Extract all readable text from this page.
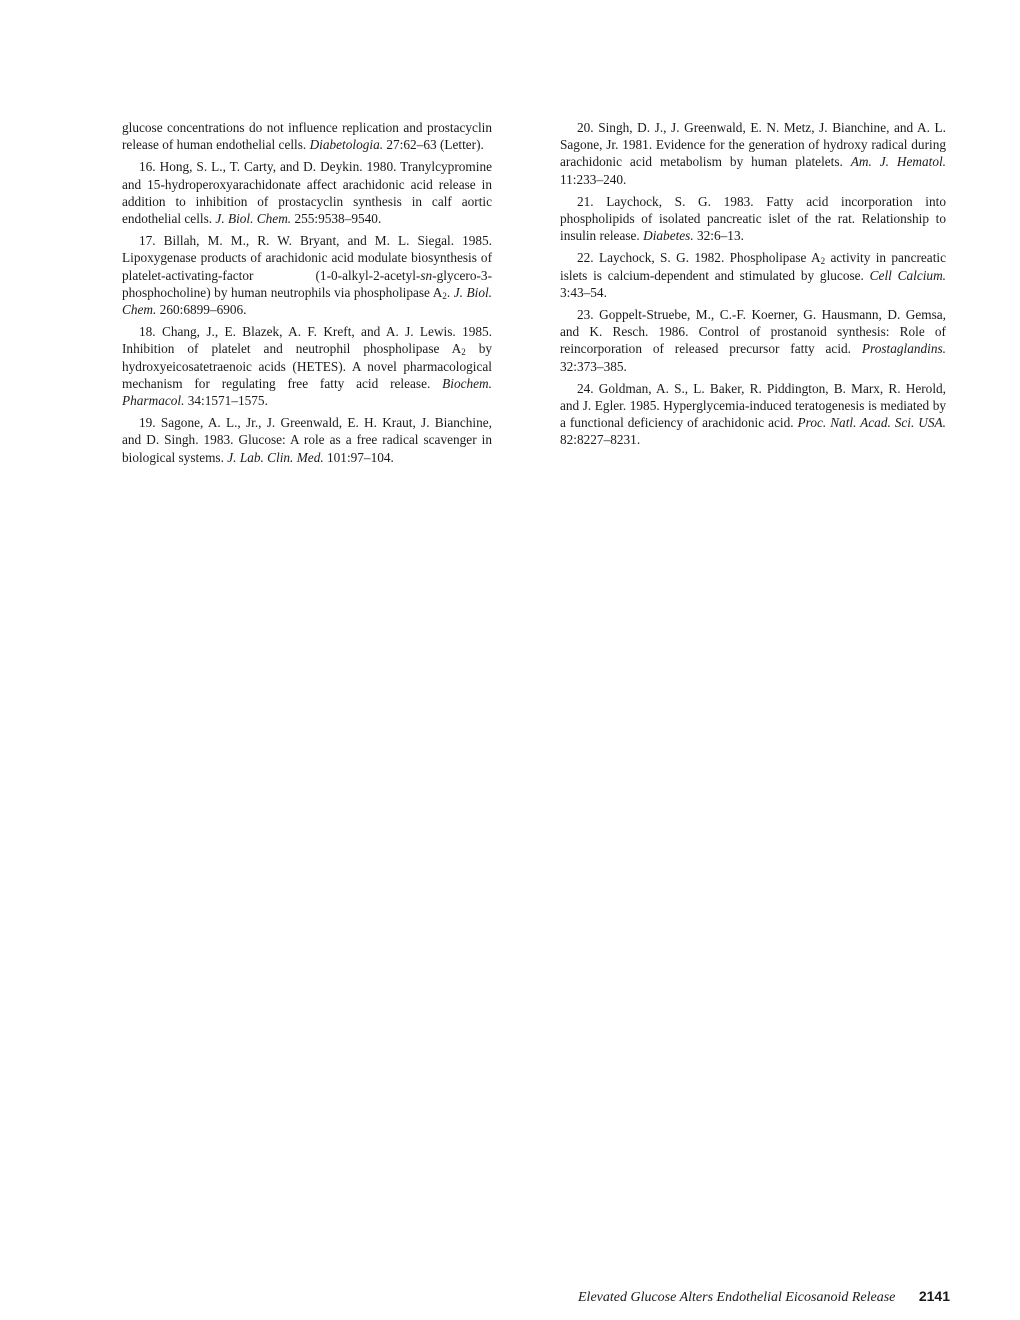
glucose concentrations do not influence replication and prostacyclin release of human endothelial cells. Diabetologia. 27:62–63 (Letter).

16. Hong, S. L., T. Carty, and D. Deykin. 1980. Tranylcypromine and 15-hydroperoxyarachidonate affect arachidonic acid release in addition to inhibition of prostacyclin synthesis in calf aortic endothelial cells. J. Biol. Chem. 255:9538–9540.

17. Billah, M. M., R. W. Bryant, and M. L. Siegal. 1985. Lipoxygenase products of arachidonic acid modulate biosynthesis of platelet-activating-factor (1-0-alkyl-2-acetyl-sn-glycero-3-phosphocholine) by human neutrophils via phospholipase $A_2$. J. Biol. Chem. 260:6899–6906.

18. Chang, J., E. Blazek, A. F. Kreft, and A. J. Lewis. 1985. Inhibition of platelet and neutrophil phospholipase $A_2$ by hydroxyeicosatetraenoic acids (HETES). A novel pharmacological mechanism for regulating free fatty acid release. Biochem. Pharmacol. 34:1571–1575.

19. Sagone, A. L., Jr., J. Greenwald, E. H. Kraut, J. Bianchine, and D. Singh. 1983. Glucose: A role as a free radical scavenger in biological systems. J. Lab. Clin. Med. 101:97–104.

20. Singh, D. J., J. Greenwald, E. N. Metz, J. Bianchine, and A. L. Sagone, Jr. 1981. Evidence for the generation of hydroxy radical during arachidonic acid metabolism by human platelets. Am. J. Hematol. 11:233–240.

21. Laychock, S. G. 1983. Fatty acid incorporation into phospholipids of isolated pancreatic islet of the rat. Relationship to insulin release. Diabetes. 32:6–13.

22. Laychock, S. G. 1982. Phospholipase $A_2$ activity in pancreatic islets is calcium-dependent and stimulated by glucose. Cell Calcium. 3:43–54.

23. Goppelt-Struebe, M., C.-F. Koerner, G. Hausmann, D. Gemsa, and K. Resch. 1986. Control of prostanoid synthesis: Role of reincorporation of released precursor fatty acid. Prostaglandins. 32:373–385.

24. Goldman, A. S., L. Baker, R. Piddington, B. Marx, R. Herold, and J. Egler. 1985. Hyperglycemia-induced teratogenesis is mediated by a functional deficiency of arachidonic acid. Proc. Natl. Acad. Sci. USA. 82:8227–8231.

Elevated Glucose Alters Endothelial Eicosanoid Release 2141
